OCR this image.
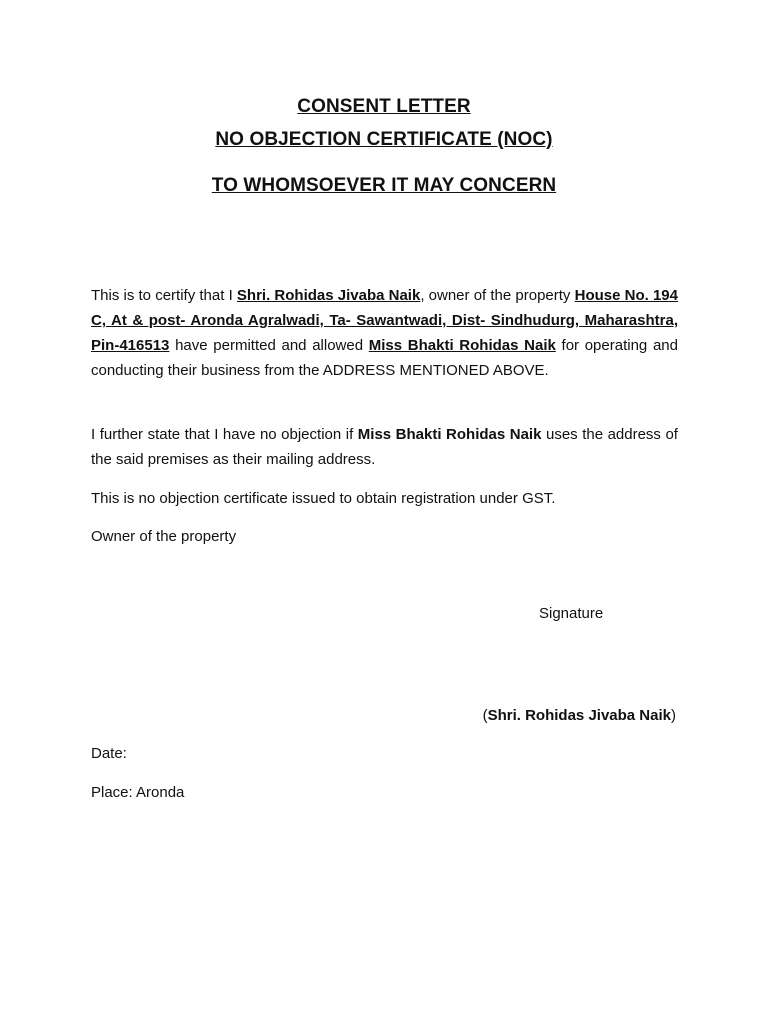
CONSENT LETTER
NO OBJECTION CERTIFICATE (NOC)
TO WHOMSOEVER IT MAY CONCERN
This is to certify that I Shri. Rohidas Jivaba Naik, owner of the property House No. 194 C, At & post- Aronda Agralwadi, Ta- Sawantwadi, Dist- Sindhudurg, Maharashtra, Pin-416513 have permitted and allowed Miss Bhakti Rohidas Naik for operating and conducting their business from the ADDRESS MENTIONED ABOVE.
I further state that I have no objection if Miss Bhakti Rohidas Naik uses the address of the said premises as their mailing address.
This is no objection certificate issued to obtain registration under GST.
Owner of the property
Signature
(Shri. Rohidas Jivaba Naik)
Date:
Place: Aronda
